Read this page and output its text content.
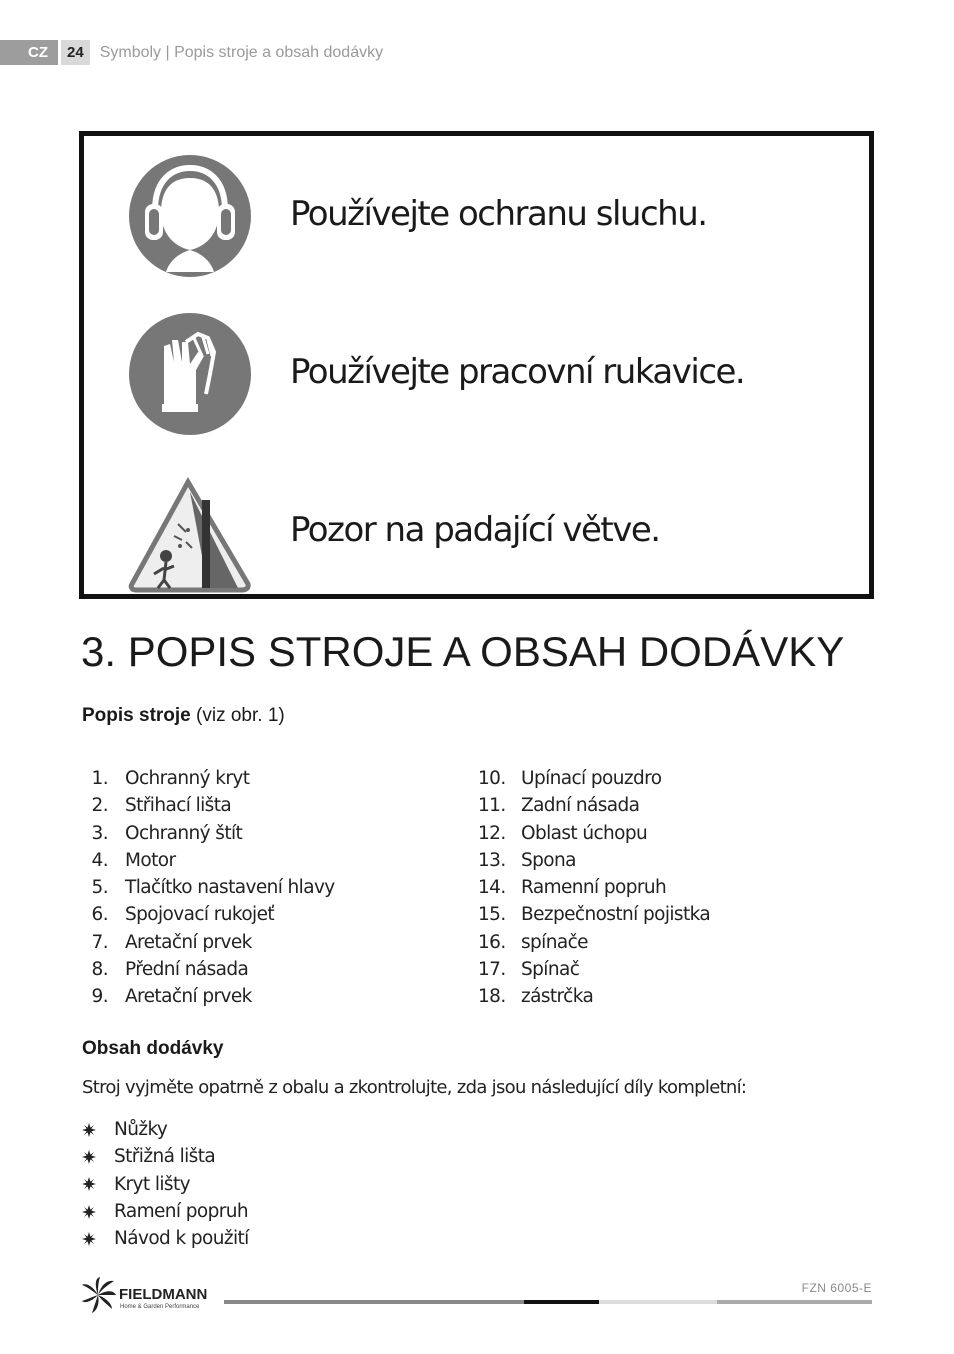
CZ	24	Symboly | Popis stroje a obsah dodávky
Používejte ochranu sluchu.
Používejte pracovní rukavice.
Pozor na padající větve.
3. POPIS STROJE A OBSAH DODÁVKY
Popis stroje (viz obr. 1)
1. Ochranný kryt
2. Střihací lišta
3. Ochranný štít
4. Motor
5. Tlačítko nastavení hlavy
6. Spojovací rukojeť
7. Aretační prvek
8. Přední násada
9. Aretační prvek
10. Upínací pouzdro
11. Zadní násada
12. Oblast úchopu
13. Spona
14. Ramenní popruh
15. Bezpečnostní pojistka
16. spínače
17. Spínač
18. zástrčka
Obsah dodávky
Stroj vyjměte opatrně z obalu a zkontrolujte, zda jsou následující díly kompletní:
Nůžky
Střižná lišta
Kryt lišty
Ramení popruh
Návod k použití
FIELDMANN
Home & Garden Performance
FZN 6005-E
